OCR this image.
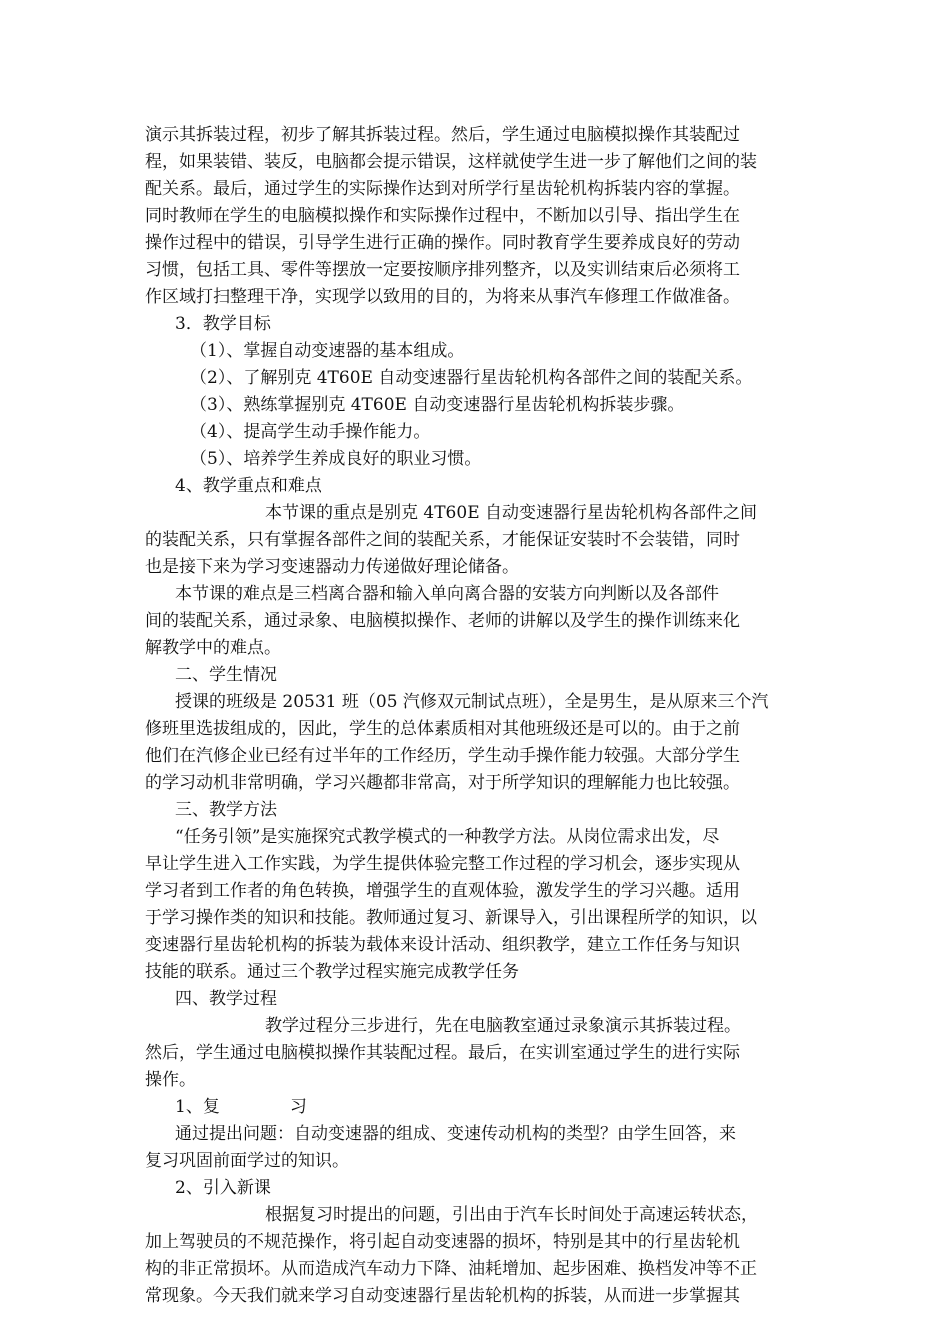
演示其拆装过程，初步了解其拆装过程。然后，学生通过电脑模拟操作其装配过
程，如果装错、装反，电脑都会提示错误，这样就使学生进一步了解他们之间的装
配关系。最后，通过学生的实际操作达到对所学行星齿轮机构拆装内容的掌握。
同时教师在学生的电脑模拟操作和实际操作过程中，不断加以引导、指出学生在
操作过程中的错误，引导学生进行正确的操作。同时教育学生要养成良好的劳动
习惯，包括工具、零件等摆放一定要按顺序排列整齐，以及实训结束后必须将工
作区域打扫整理干净，实现学以致用的目的，为将来从事汽车修理工作做准备。
3．教学目标
（1）、掌握自动变速器的基本组成。
（2）、了解别克 4T60E 自动变速器行星齿轮机构各部件之间的装配关系。
（3）、熟练掌握别克 4T60E 自动变速器行星齿轮机构拆装步骤。
（4）、提高学生动手操作能力。
（5）、培养学生养成良好的职业习惯。
4、教学重点和难点
本节课的重点是别克 4T60E 自动变速器行星齿轮机构各部件之间
的装配关系，只有掌握各部件之间的装配关系，才能保证安装时不会装错，同时
也是接下来为学习变速器动力传递做好理论储备。
本节课的难点是三档离合器和输入单向离合器的安装方向判断以及各部件
间的装配关系，通过录象、电脑模拟操作、老师的讲解以及学生的操作训练来化
解教学中的难点。
二、学生情况
授课的班级是 20531 班（05 汽修双元制试点班），全是男生，是从原来三个汽
修班里选拔组成的，因此，学生的总体素质相对其他班级还是可以的。由于之前
他们在汽修企业已经有过半年的工作经历，学生动手操作能力较强。大部分学生
的学习动机非常明确，学习兴趣都非常高，对于所学知识的理解能力也比较强。
三、教学方法
“任务引领”是实施探究式教学模式的一种教学方法。从岗位需求出发，尽
早让学生进入工作实践，为学生提供体验完整工作过程的学习机会，逐步实现从
学习者到工作者的角色转换，增强学生的直观体验，激发学生的学习兴趣。适用
于学习操作类的知识和技能。教师通过复习、新课导入，引出课程所学的知识，以
变速器行星齿轮机构的拆装为载体来设计活动、组织教学，建立工作任务与知识
技能的联系。通过三个教学过程实施完成教学任务
四、教学过程
教学过程分三步进行，先在电脑教室通过录象演示其拆装过程。
然后，学生通过电脑模拟操作其装配过程。最后，在实训室通过学生的进行实际
操作。
1、复	习
通过提出问题：自动变速器的组成、变速传动机构的类型？由学生回答，来
复习巩固前面学过的知识。
2、引入新课
根据复习时提出的问题，引出由于汽车长时间处于高速运转状态，
加上驾驶员的不规范操作，将引起自动变速器的损坏，特别是其中的行星齿轮机
构的非正常损坏。从而造成汽车动力下降、油耗增加、起步困难、换档发冲等不正
常现象。今天我们就来学习自动变速器行星齿轮机构的拆装，从而进一步掌握其
